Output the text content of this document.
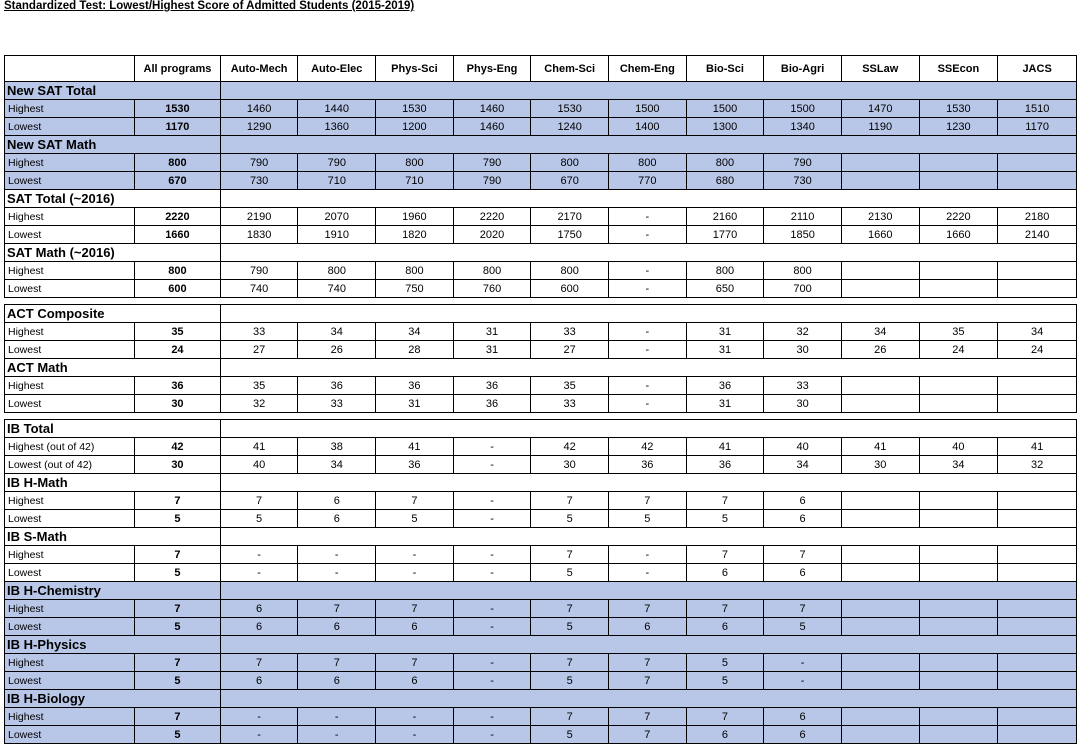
Standardized Test: Lowest/Highest Score of Admitted Students (2015-2019)
	All programs	Auto-Mech	Auto-Elec	Phys-Sci	Phys-Eng	Chem-Sci	Chem-Eng	Bio-Sci	Bio-Agri	SSLaw	SSEcon	JACS
New SAT Total												
Highest	1530	1460	1440	1530	1460	1530	1500	1500	1500	1470	1530	1510
Lowest	1170	1290	1360	1200	1460	1240	1400	1300	1340	1190	1230	1170
New SAT Math												
Highest	800	790	790	800	790	800	800	800	790			
Lowest	670	730	710	710	790	670	770	680	730			
SAT Total (~2016)												
Highest	2220	2190	2070	1960	2220	2170	-	2160	2110	2130	2220	2180
Lowest	1660	1830	1910	1820	2020	1750	-	1770	1850	1660	1660	2140
SAT Math (~2016)												
Highest	800	790	800	800	800	800	-	800	800			
Lowest	600	740	740	750	760	600	-	650	700			

ACT Composite												
Highest	35	33	34	34	31	33	-	31	32	34	35	34
Lowest	24	27	26	28	31	27	-	31	30	26	24	24
ACT Math												
Highest	36	35	36	36	36	35	-	36	33			
Lowest	30	32	33	31	36	33	-	31	30			

IB Total												
Highest (out of 42)	42	41	38	41	-	42	42	41	40	41	40	41
Lowest (out of 42)	30	40	34	36	-	30	36	36	34	30	34	32
IB H-Math												
Highest	7	7	6	7	-	7	7	7	6			
Lowest	5	5	6	5	-	5	5	5	6			
IB S-Math												
Highest	7	-	-	-	-	7	-	7	7			
Lowest	5	-	-	-	-	5	-	6	6			
IB H-Chemistry												
Highest	7	6	7	7	-	7	7	7	7			
Lowest	5	6	6	6	-	5	6	6	5			
IB H-Physics												
Highest	7	7	7	7	-	7	7	5	-			
Lowest	5	6	6	6	-	5	7	5	-			
IB H-Biology												
Highest	7	-	-	-	-	7	7	7	6			
Lowest	5	-	-	-	-	5	7	6	6			
